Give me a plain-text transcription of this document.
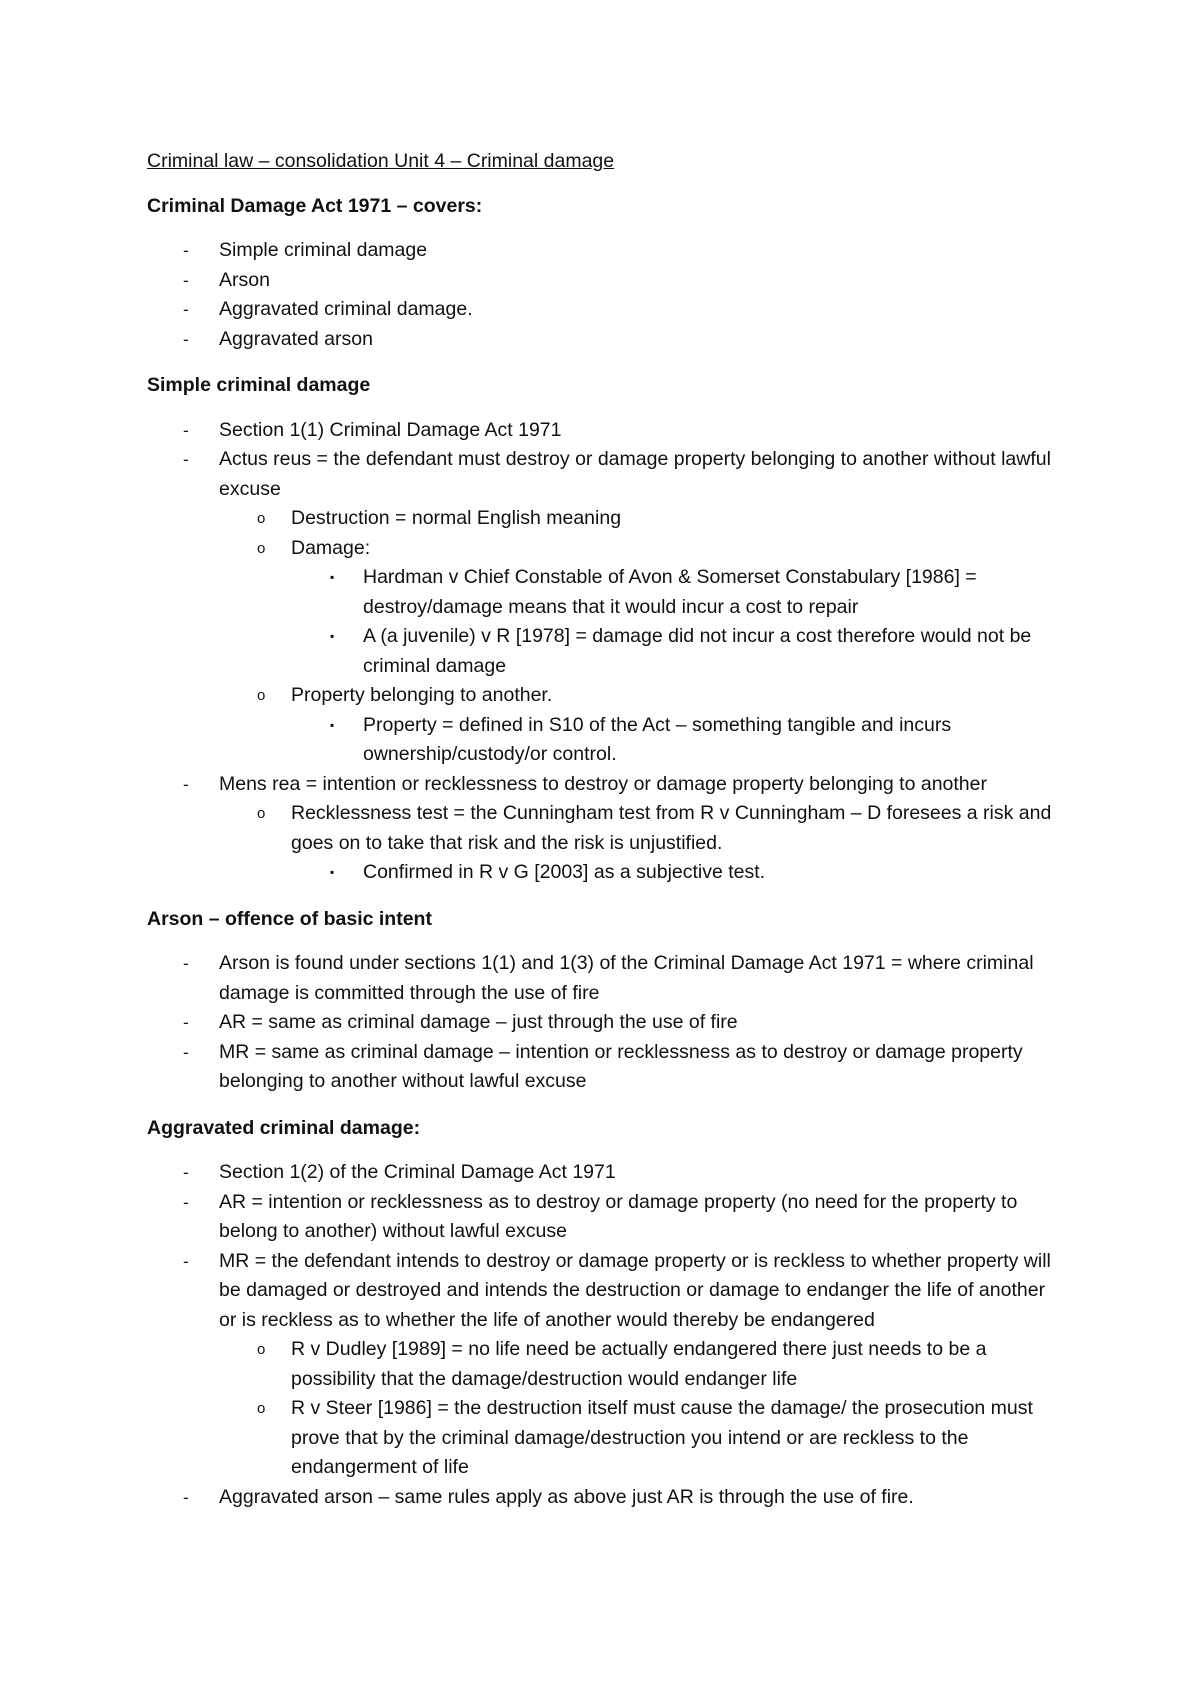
Criminal law – consolidation Unit 4 – Criminal damage

Criminal Damage Act 1971 – covers:

- Simple criminal damage
- Arson
- Aggravated criminal damage.
- Aggravated arson

Simple criminal damage

- Section 1(1) Criminal Damage Act 1971
- Actus reus = the defendant must destroy or damage property belonging to another without lawful excuse
o Destruction = normal English meaning
o Damage:
▪ Hardman v Chief Constable of Avon & Somerset Constabulary [1986] = destroy/damage means that it would incur a cost to repair
▪ A (a juvenile) v R [1978] = damage did not incur a cost therefore would not be criminal damage
o Property belonging to another.
▪ Property = defined in S10 of the Act – something tangible and incurs ownership/custody/or control.
- Mens rea = intention or recklessness to destroy or damage property belonging to another
o Recklessness test = the Cunningham test from R v Cunningham – D foresees a risk and goes on to take that risk and the risk is unjustified.
▪ Confirmed in R v G [2003] as a subjective test.

Arson – offence of basic intent

- Arson is found under sections 1(1) and 1(3) of the Criminal Damage Act 1971 = where criminal damage is committed through the use of fire
- AR = same as criminal damage – just through the use of fire
- MR = same as criminal damage – intention or recklessness as to destroy or damage property belonging to another without lawful excuse

Aggravated criminal damage:

- Section 1(2) of the Criminal Damage Act 1971
- AR = intention or recklessness as to destroy or damage property (no need for the property to belong to another) without lawful excuse
- MR = the defendant intends to destroy or damage property or is reckless to whether property will be damaged or destroyed and intends the destruction or damage to endanger the life of another or is reckless as to whether the life of another would thereby be endangered
o R v Dudley [1989] = no life need be actually endangered there just needs to be a possibility that the damage/destruction would endanger life
o R v Steer [1986] = the destruction itself must cause the damage/ the prosecution must prove that by the criminal damage/destruction you intend or are reckless to the endangerment of life
- Aggravated arson – same rules apply as above just AR is through the use of fire.
